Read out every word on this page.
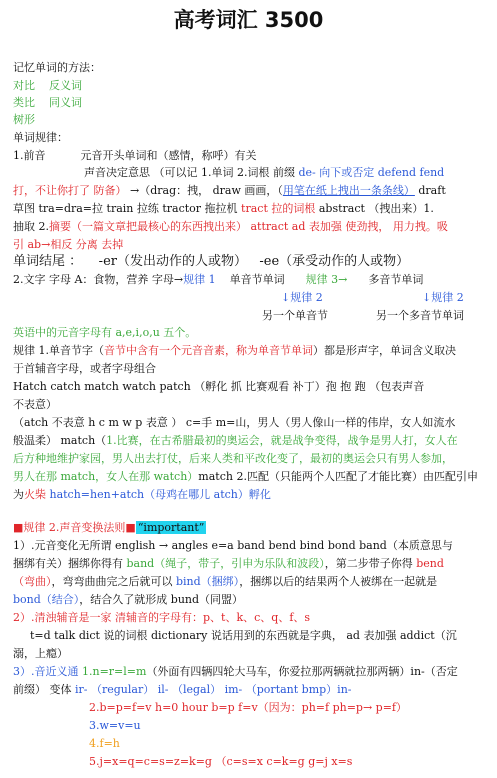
高考词汇 3500
记忆单词的方法：
对比 反义词
类比 同义词
树形
单词规律：
1.前音	元音开头单词和（感情，称呼）有关
声音决定意思 （可以记 1.单词 2.词根 前缀 de- 向下或否定 defend fend
打，不让你打了 防备） →（drag：拽， draw 画画，（用笔在纸上拽出一条条线） draft
草图 tra=dra=拉 train 拉练 tractor 拖拉机 tract 拉的词根 abstract （拽出来）1.
抽取 2.摘要（一篇文章把最核心的东西拽出来） attract ad 表加强 使劲拽， 用力拽。吸
引 ab→相反 分离 去掉
单词结尾 ： -er（发出动作的人或物） -ee（承受动作的人或物）
2.文字 字母 A：食物，营养 字母→规律 1 单音节单词 规律 3→ 多音节单词
↓规律 2	↓规律 2
另一个单音节	另一个多音节单词
英语中的元音字母有 a,e,i,o,u 五个。
规律 1.单音节字（音节中含有一个元音音素，称为单音节单词）都是形声字，单词含义取决
于首辅音字母，或者字母组合
Hatch catch match watch patch （孵化 抓 比赛观看 补丁）孢 抱 跑 （包表声音
不表意）
（atch 不表意 h c m w p 表意 ） c=手 m=山，男人（男人像山一样的伟岸，女人如流水
般温柔） match（1.比赛，在古希腊最初的奥运会，就是战争变得，战争是男人打，女人在
后方种地维护家园，男人出去打仗，后来人类和平改化变了，最初的奥运会只有男人参加，
男人在那 match，女人在那 watch）match 2.匹配（只能两个人匹配了才能比赛）由匹配引申
为火柴 hatch=hen+atch（母鸡在哪儿 atch）孵化
■规律 2.声音变换法则■ “important”
1）.元音变化无所谓 english → angles e=a band bend bind bond band（本质意思与
捆绑有关）捆绑你得有 band（绳子，带子，引申为乐队和波段），第二步带子你得 bend
（弯曲），弯弯曲曲完之后就可以 bind（捆绑），捆绑以后的结果两个人被绑在一起就是
bond（结合），结合久了就形成 bund（同盟）
2）.清浊辅音是一家 清辅音的字母有：p、t、k、c、q、f、s
t=d talk dict 说的词根 dictionary 说话用到的东西就是字典， ad 表加强 addict（沉
溺，上瘾）
3）.音近义通 1.n=r=l=m（外面有四辆四轮大马车，你爱拉那两辆就拉那两辆）in-（否定
前缀） 变体 ir- （regular） il- （legal） im- （portant bmp）in-
2.b=p=f=v h=0 hour b=p f=v（因为：ph=f ph=p→ p=f）
3.w=v=u
4.f=h
5.j=x=q=c=s=z=k=g （c=s=x c=k=g g=j x=s
